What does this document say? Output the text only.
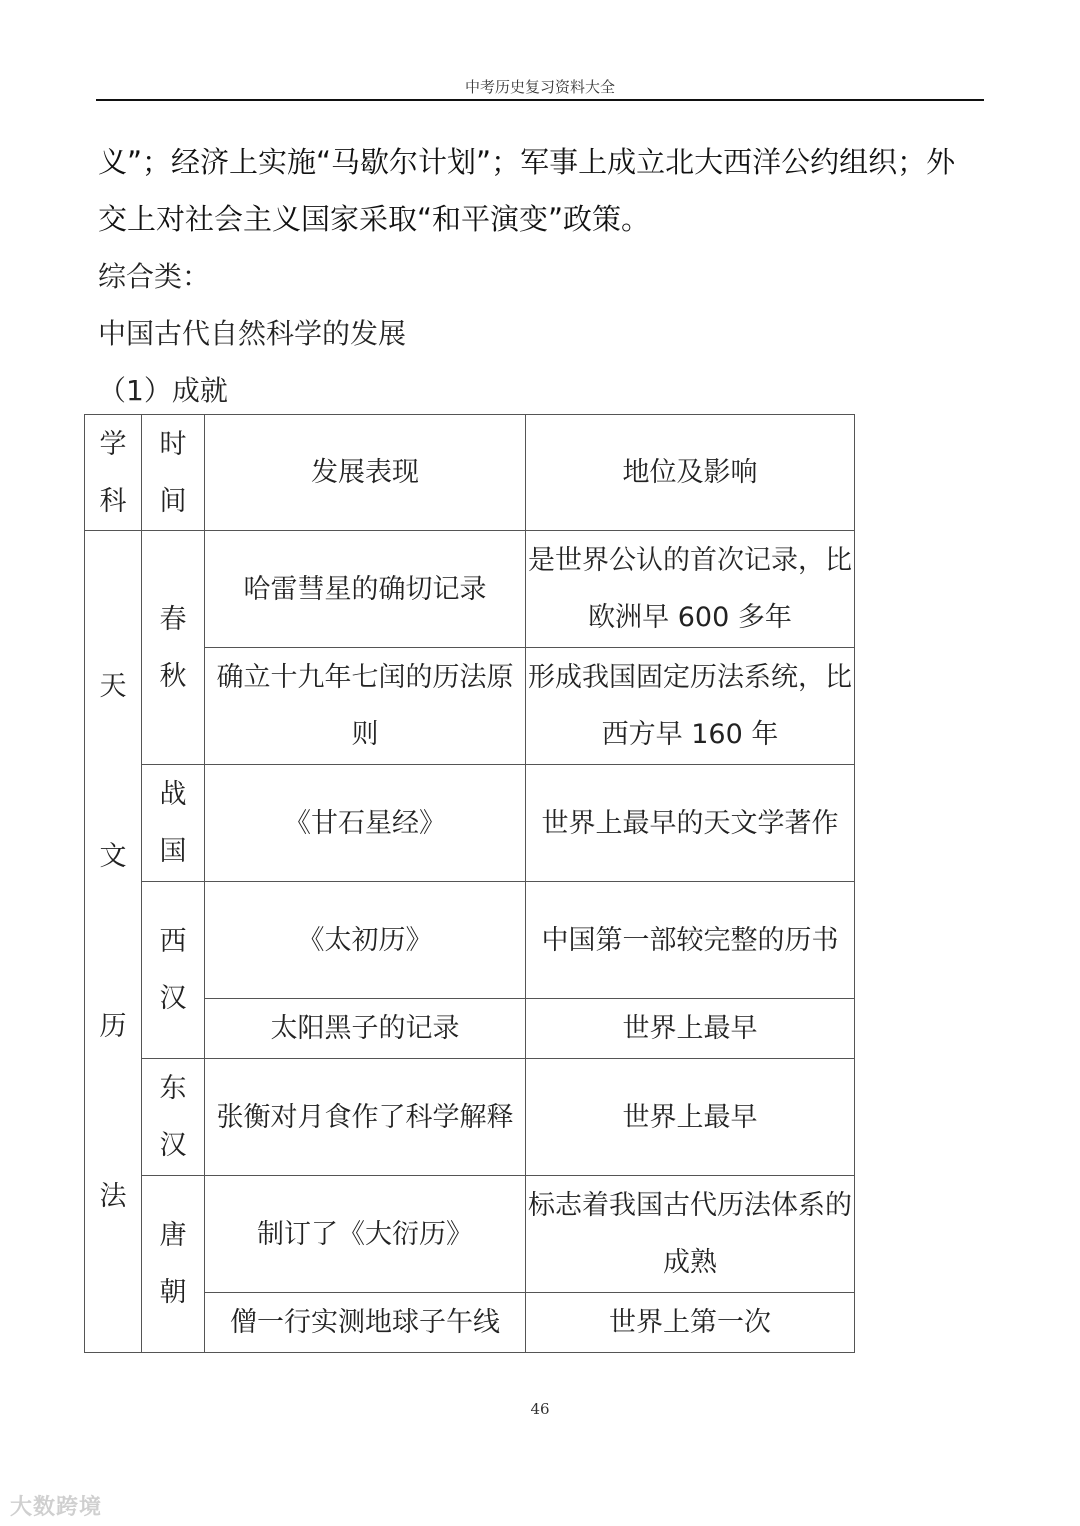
中考历史复习资料大全
义”；经济上实施“马歇尔计划”；军事上成立北大西洋公约组织；外
交上对社会主义国家采取“和平演变”政策。
综合类：
中国古代自然科学的发展
（1）成就
学科	时间	发展表现	地位及影响
天文历法	春秋	哈雷彗星的确切记录	是世界公认的首次记录，比欧洲早 600 多年
		确立十九年七闰的历法原则	形成我国固定历法系统，比西方早 160 年
	战国	《甘石星经》	世界上最早的天文学著作
	西汉	《太初历》	中国第一部较完整的历书
		太阳黑子的记录	世界上最早
	东汉	张衡对月食作了科学解释	世界上最早
	唐朝	制订了《大衍历》	标志着我国古代历法体系的成熟
		僧一行实测地球子午线	世界上第一次
46
大数跨境
